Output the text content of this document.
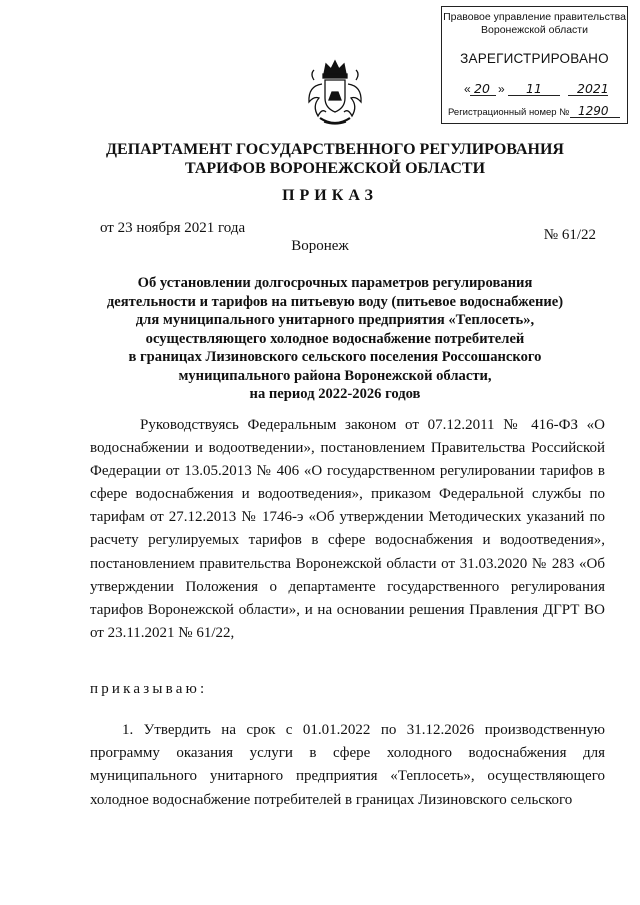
Правовое управление правительства
Воронежской области
ЗАРЕГИСТРИРОВАНО
« 20 » 11	2021
Регистрационный номер № 1290
ДЕПАРТАМЕНТ ГОСУДАРСТВЕННОГО РЕГУЛИРОВАНИЯ ТАРИФОВ ВОРОНЕЖСКОЙ ОБЛАСТИ
ПРИКАЗ
от 23 ноября 2021 года	№ 61/22
Воронеж
Об установлении долгосрочных параметров регулирования
деятельности и тарифов на питьевую воду (питьевое водоснабжение)
для муниципального унитарного предприятия «Теплосеть»,
осуществляющего холодное водоснабжение потребителей
в границах Лизиновского сельского поселения Россошанского
муниципального района Воронежской области,
на период 2022-2026 годов
Руководствуясь Федеральным законом от 07.12.2011 № 416-ФЗ «О водоснабжении и водоотведении», постановлением Правительства Российской Федерации от 13.05.2013 № 406 «О государственном регулировании тарифов в сфере водоснабжения и водоотведения», приказом Федеральной службы по тарифам от 27.12.2013 № 1746-э «Об утверждении Методических указаний по расчету регулируемых тарифов в сфере водоснабжения и водоотведения», постановлением правительства Воронежской области от 31.03.2020 № 283 «Об утверждении Положения о департаменте государственного регулирования тарифов Воронежской области», и на основании решения Правления ДГРТ ВО от 23.11.2021 № 61/22,
приказываю:
1. Утвердить на срок с 01.01.2022 по 31.12.2026 производственную программу оказания услуги в сфере холодного водоснабжения для муниципального унитарного предприятия «Теплосеть», осуществляющего холодное водоснабжение потребителей в границах Лизиновского сельского
